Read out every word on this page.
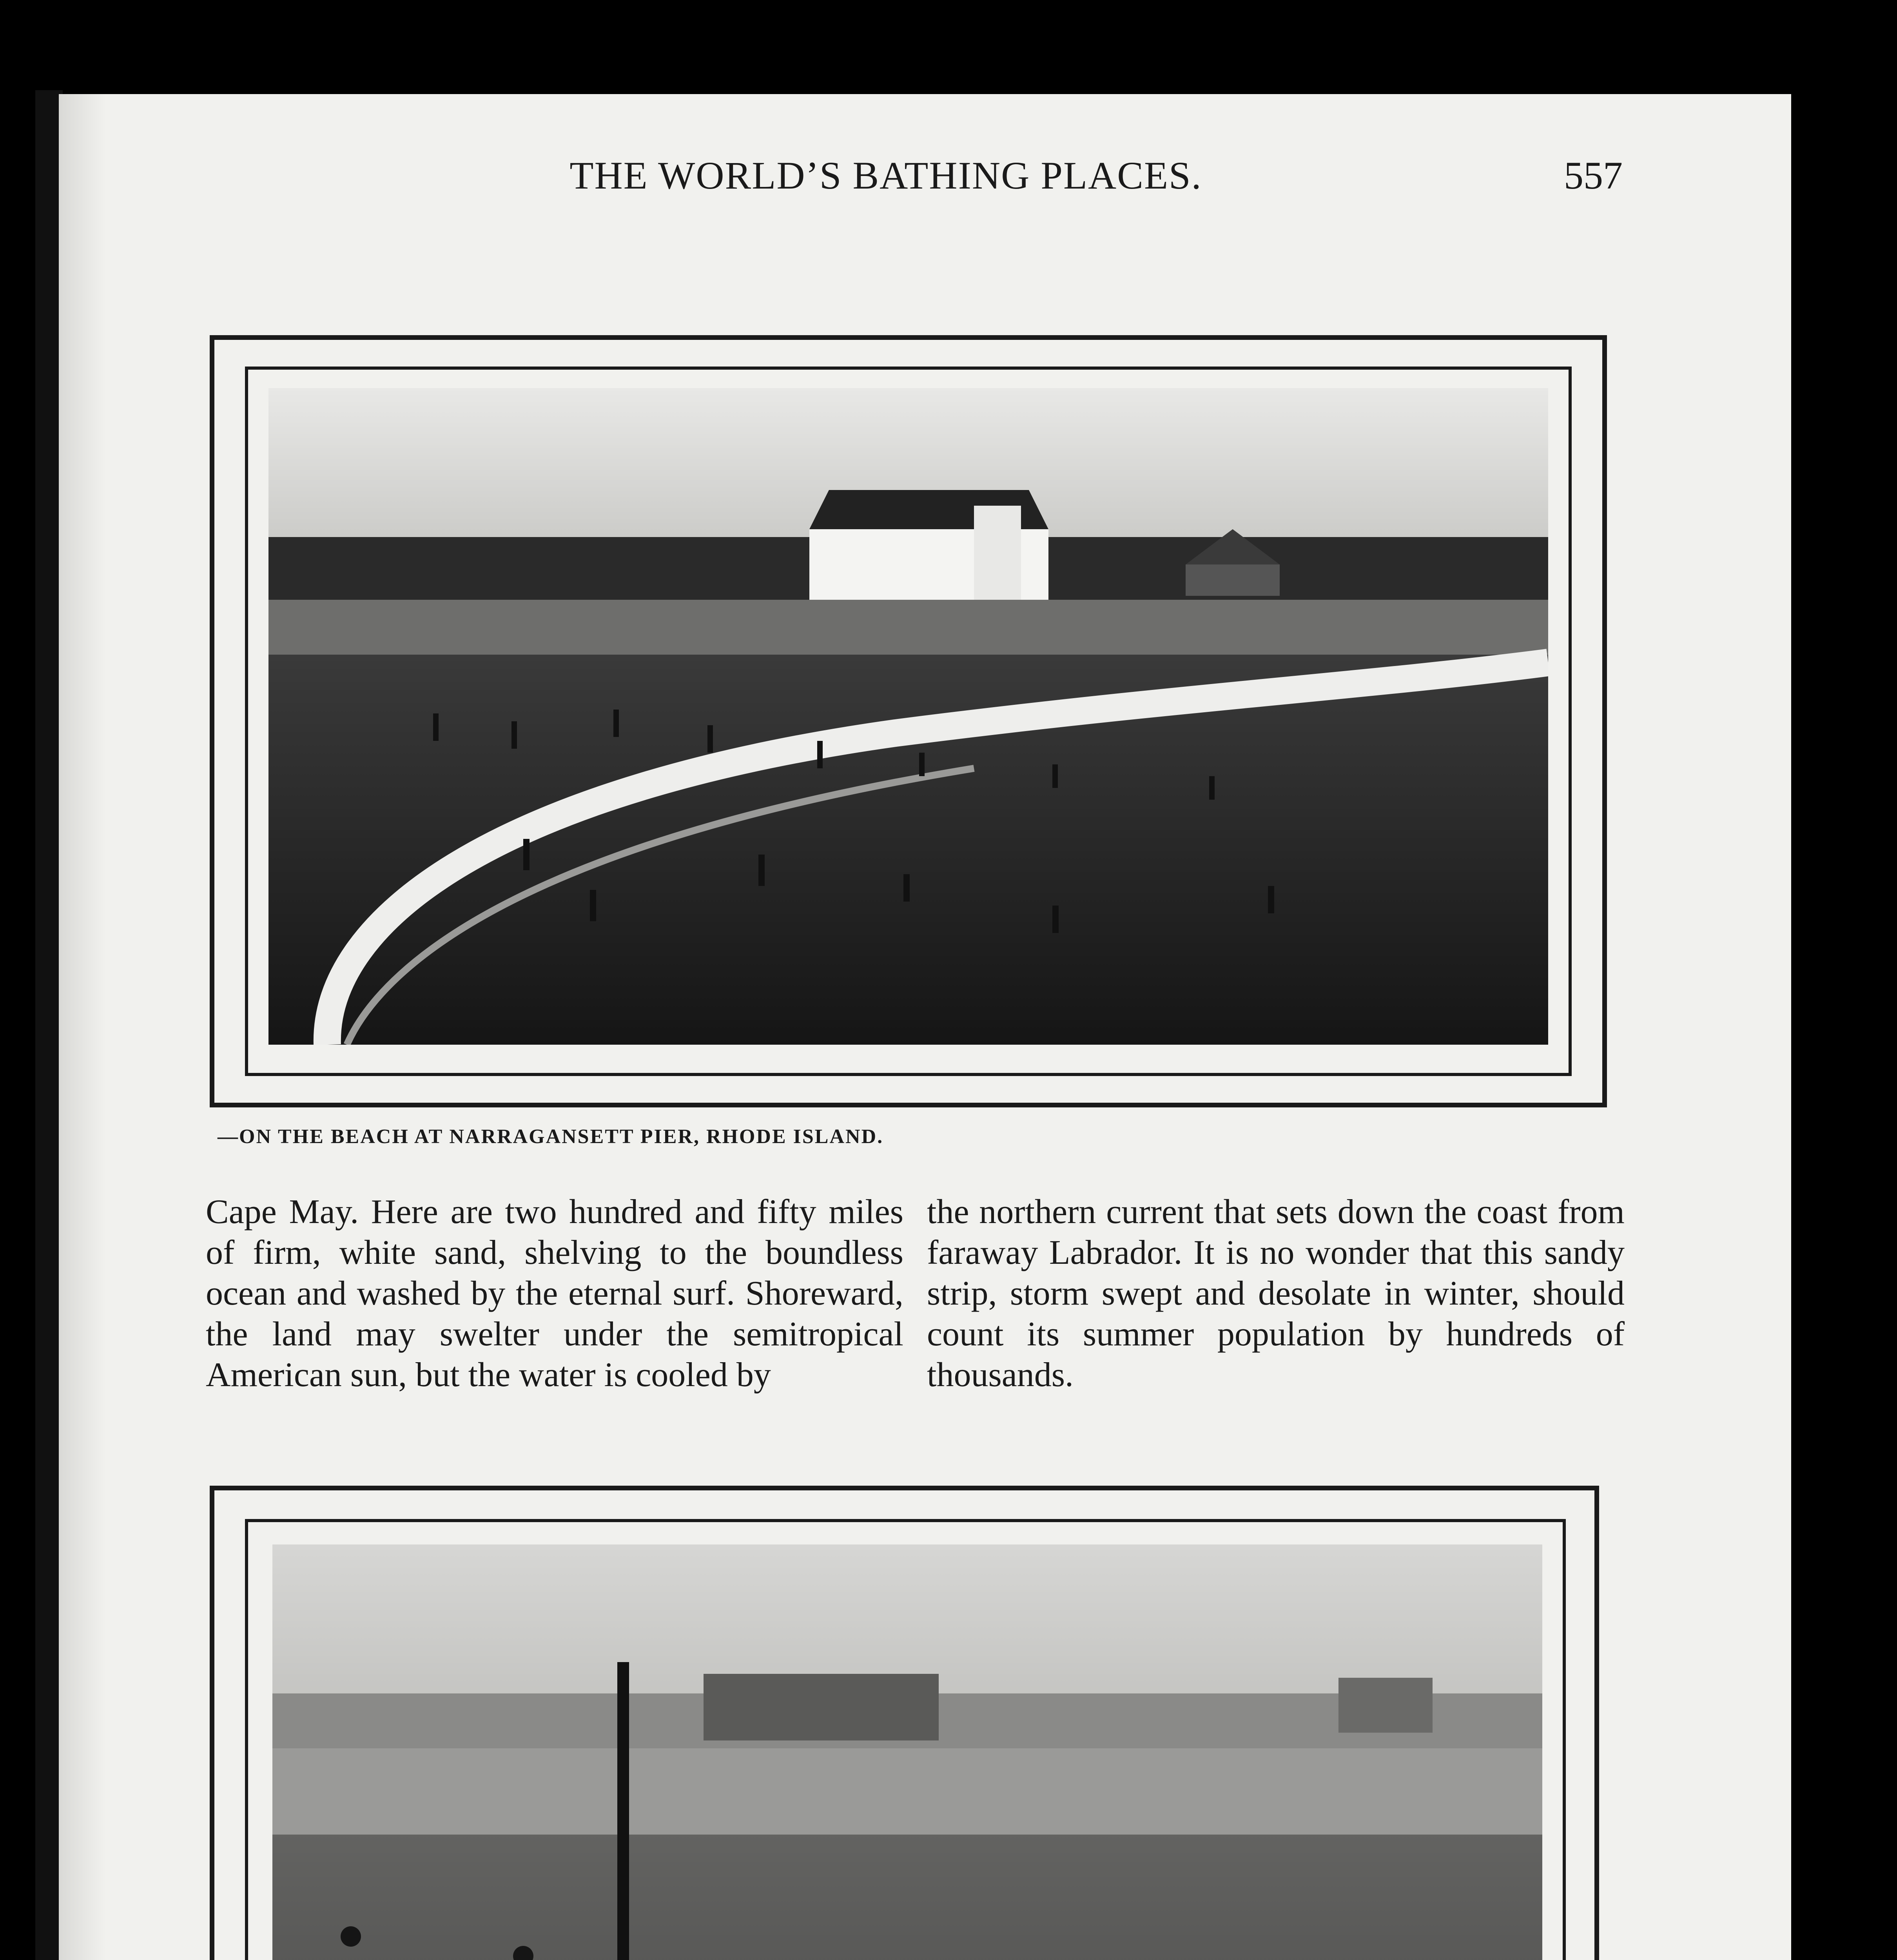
THE WORLD’S BATHING PLACES.	557
—ON THE BEACH AT NARRAGANSETT PIER, RHODE ISLAND.

Cape May. Here are two hundred and fifty miles of firm, white sand, shelving to the boundless ocean and washed by the eternal surf. Shoreward, the land may swelter under the semitropical American sun, but the water is cooled by

the northern current that sets down the coast from faraway Labrador. It is no wonder that this sandy strip, storm swept and desolate in winter, should count its summer population by hundreds of thousands.
